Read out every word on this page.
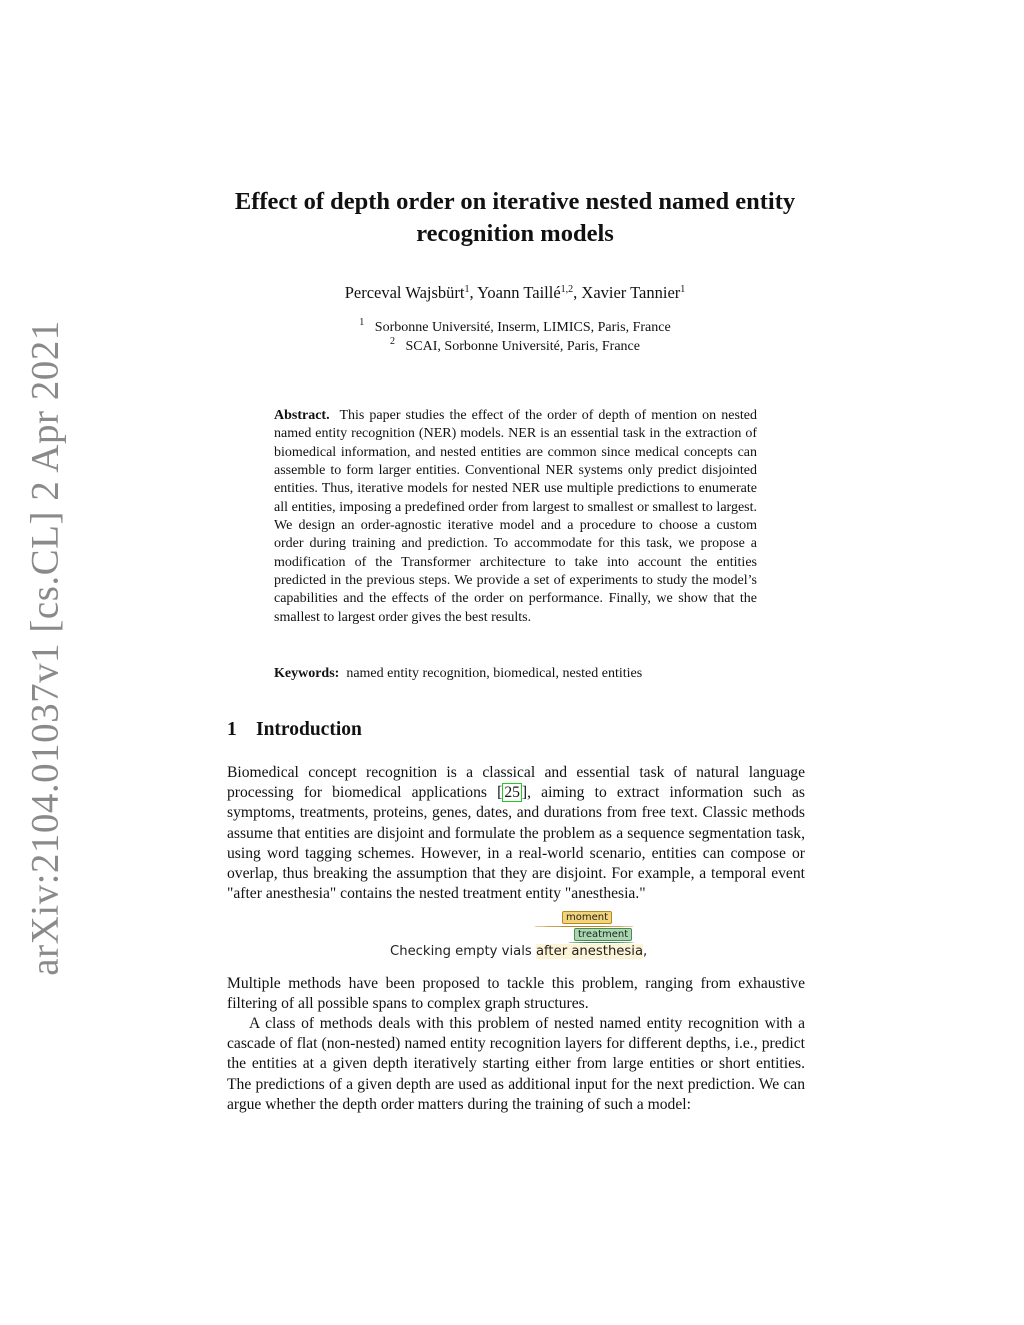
arXiv:2104.01037v1 [cs.CL] 2 Apr 2021
Effect of depth order on iterative nested named entity recognition models
Perceval Wajsbürt$^1$, Yoann Taillé$^{1,2}$, Xavier Tannier$^1$
$^1$ Sorbonne Université, Inserm, LIMICS, Paris, France
$^2$ SCAI, Sorbonne Université, Paris, France
Abstract. This paper studies the effect of the order of depth of mention on nested named entity recognition (NER) models. NER is an essential task in the extraction of biomedical information, and nested entities are common since medical concepts can assemble to form larger entities. Conventional NER systems only predict disjointed entities. Thus, iterative models for nested NER use multiple predictions to enumerate all entities, imposing a predefined order from largest to smallest or smallest to largest. We design an order-agnostic iterative model and a procedure to choose a custom order during training and prediction. To accommodate for this task, we propose a modification of the Transformer architecture to take into account the entities predicted in the previous steps. We provide a set of experiments to study the model’s capabilities and the effects of the order on performance. Finally, we show that the smallest to largest order gives the best results.
Keywords: named entity recognition, biomedical, nested entities
1 Introduction
Biomedical concept recognition is a classical and essential task of natural language processing for biomedical applications [ 25 ], aiming to extract information such as symptoms, treatments, proteins, genes, dates, and durations from free text. Classic methods assume that entities are disjoint and formulate the problem as a sequence segmentation task, using word tagging schemes. However, in a real-world scenario, entities can compose or overlap, thus breaking the assumption that they are disjoint. For example, a temporal event "after anesthesia" contains the nested treatment entity "anesthesia."
moment
treatment
Checking empty vials after anesthesia,
Multiple methods have been proposed to tackle this problem, ranging from exhaustive filtering of all possible spans to complex graph structures.
A class of methods deals with this problem of nested named entity recognition with a cascade of flat (non-nested) named entity recognition layers for different depths, i.e., predict the entities at a given depth iteratively starting either from large entities or short entities. The predictions of a given depth are used as additional input for the next prediction. We can argue whether the depth order matters during the training of such a model:
